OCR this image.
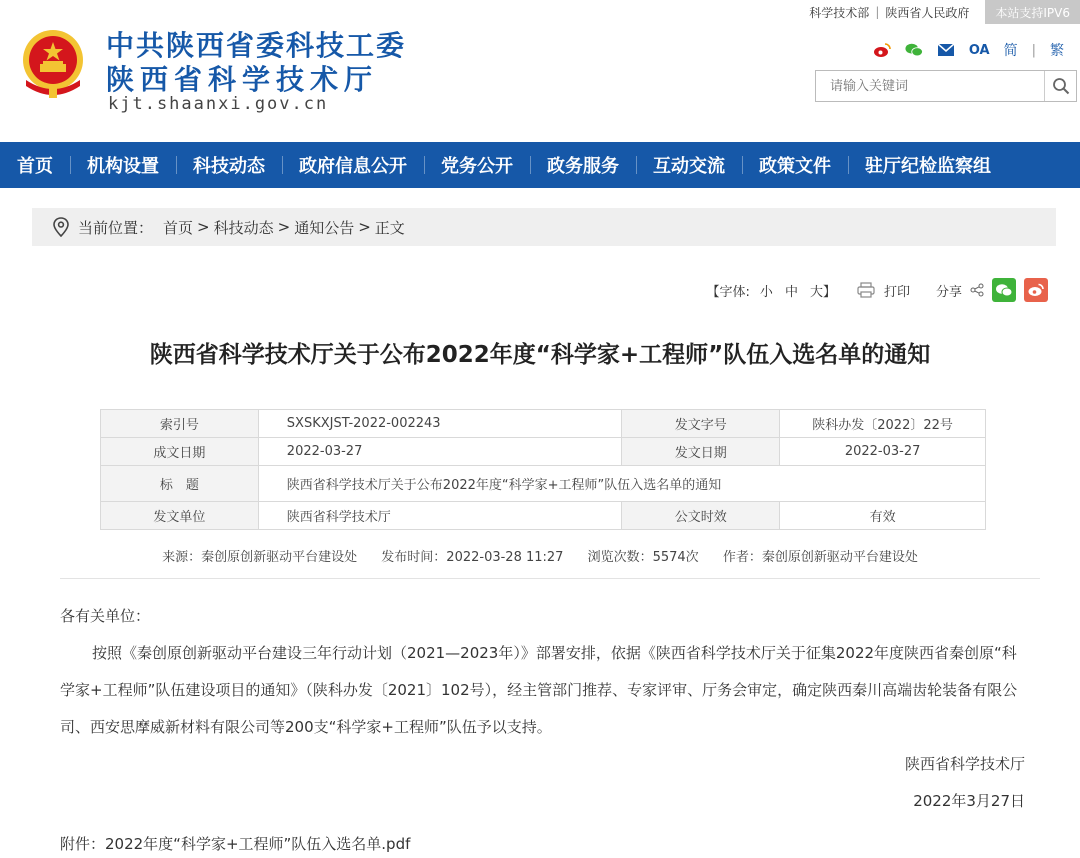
科学技术部 | 陕西省人民政府	本站支持IPV6
中共陕西省委科技工委
陕西省科学技术厅
kjt.shaanxi.gov.cn
OA 简 | 繁
请输入关键词
首页	机构设置	科技动态	政府信息公开	党务公开	政务服务	互动交流	政策文件	驻厅纪检监察组
当前位置： 首页 > 科技动态 > 通知公告 > 正文
【字体: 小 中 大】	打印 分享
陕西省科学技术厅关于公布2022年度“科学家+工程师”队伍入选名单的通知
索引号	SXSKXJST-2022-002243	发文字号	陕科办发〔2022〕22号
成文日期	2022-03-27	发文日期	2022-03-27
标　题	陕西省科学技术厅关于公布2022年度“科学家+工程师”队伍入选名单的通知		
发文单位	陕西省科学技术厅	公文时效	有效
来源：秦创原创新驱动平台建设处 发布时间：2022-03-28 11:27 浏览次数：5574次 作者：秦创原创新驱动平台建设处
各有关单位：
按照《秦创原创新驱动平台建设三年行动计划（2021—2023年）》部署安排，依据《陕西省科学技术厅关于征集2022年度陕西省秦创原“科学家+工程师”队伍建设项目的通知》（陕科办发〔2021〕102号），经主管部门推荐、专家评审、厅务会审定，确定陕西秦川高端齿轮装备有限公司、西安思摩威新材料有限公司等200支“科学家+工程师”队伍予以支持。
陕西省科学技术厅
2022年3月27日
附件：2022年度“科学家+工程师”队伍入选名单.pdf
